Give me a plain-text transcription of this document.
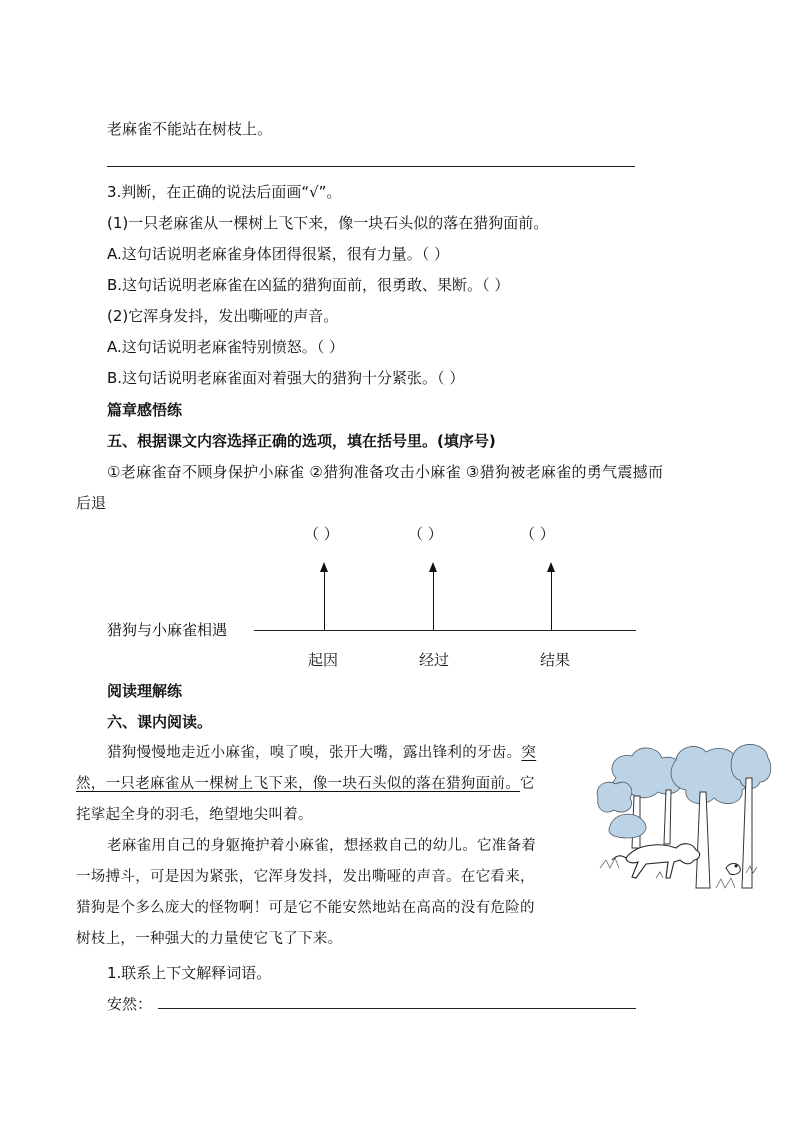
老麻雀不能站在树枝上。
3.判断，在正确的说法后面画“√”。
(1)一只老麻雀从一棵树上飞下来，像一块石头似的落在猎狗面前。
A.这句话说明老麻雀身体团得很紧，很有力量。（ ）
B.这句话说明老麻雀在凶猛的猎狗面前，很勇敢、果断。（ ）
(2)它浑身发抖，发出嘶哑的声音。
A.这句话说明老麻雀特别愤怒。（ ）
B.这句话说明老麻雀面对着强大的猎狗十分紧张。（ ）
篇章感悟练
五、根据课文内容选择正确的选项，填在括号里。(填序号)
①老麻雀奋不顾身保护小麻雀 ②猎狗准备攻击小麻雀 ③猎狗被老麻雀的勇气震撼而
后退
（ ）	（ ）	（ ）
猎狗与小麻雀相遇
起因	经过	结果
阅读理解练
六、课内阅读。
猎狗慢慢地走近小麻雀，嗅了嗅，张开大嘴，露出锋利的牙齿。突
然，一只老麻雀从一棵树上飞下来，像一块石头似的落在猎狗面前。它
挓挲起全身的羽毛，绝望地尖叫着。
老麻雀用自己的身躯掩护着小麻雀，想拯救自己的幼儿。它准备着
一场搏斗，可是因为紧张，它浑身发抖，发出嘶哑的声音。在它看来，
猎狗是个多么庞大的怪物啊！可是它不能安然地站在高高的没有危险的
树枝上，一种强大的力量使它飞了下来。
1.联系上下文解释词语。
安然：
